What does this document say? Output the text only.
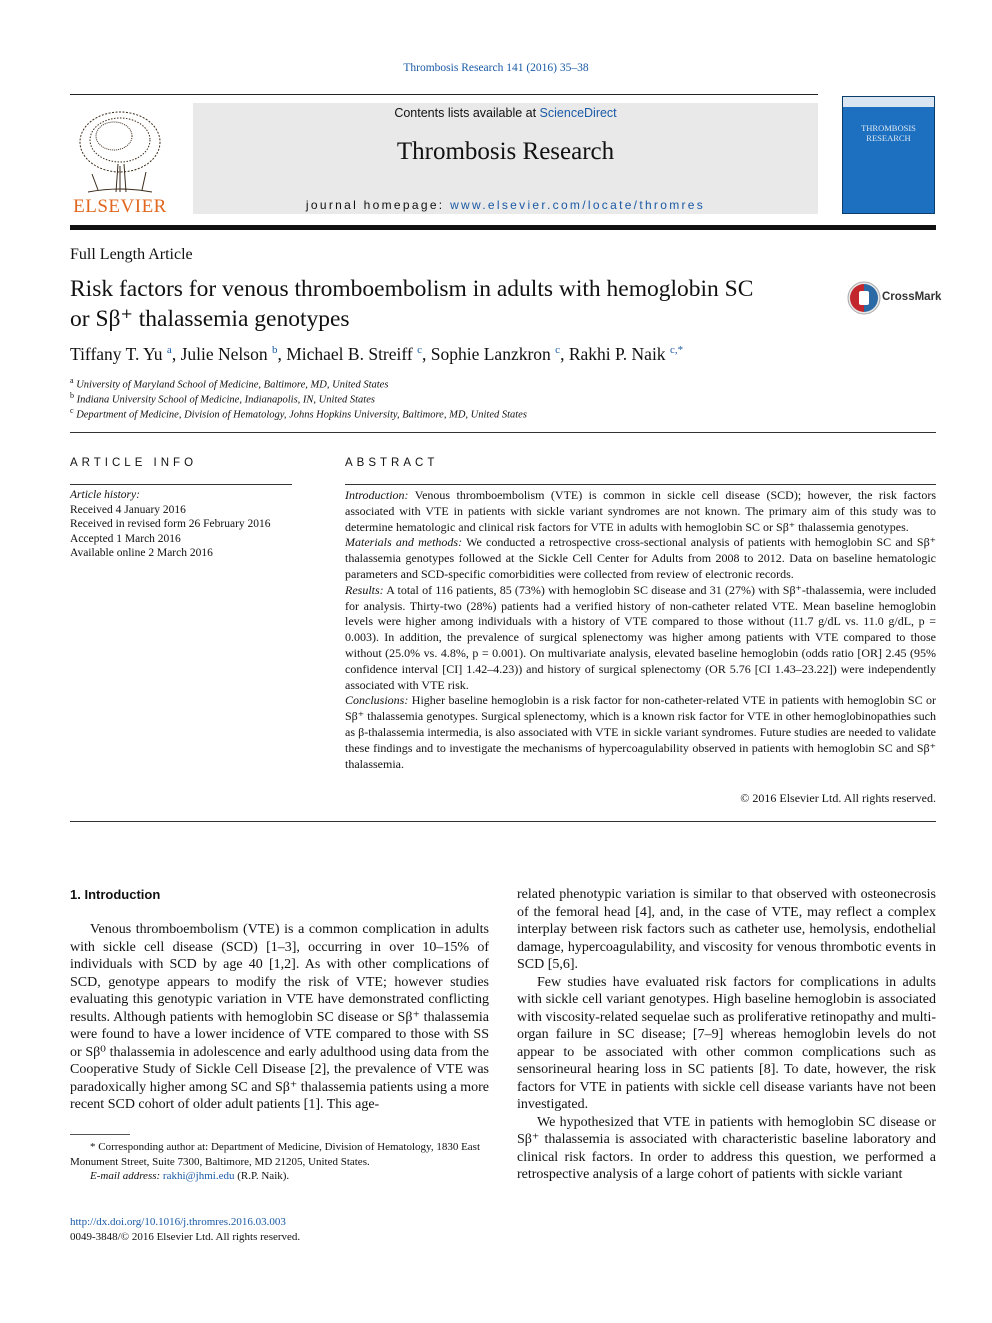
Thrombosis Research 141 (2016) 35–38
ELSEVIER
Contents lists available at ScienceDirect
Thrombosis Research
journal homepage: www.elsevier.com/locate/thromres
THROMBOSIS RESEARCH
Full Length Article
Risk factors for venous thromboembolism in adults with hemoglobin SC
or Sβ⁺ thalassemia genotypes
CrossMark
Tiffany T. Yu $^a$, Julie Nelson $^b$, Michael B. Streiff $^c$, Sophie Lanzkron $^c$, Rakhi P. Naik $^{c,*}$
$^a$ University of Maryland School of Medicine, Baltimore, MD, United States
$^b$ Indiana University School of Medicine, Indianapolis, IN, United States
$^c$ Department of Medicine, Division of Hematology, Johns Hopkins University, Baltimore, MD, United States
ARTICLE INFO
Article history:
Received 4 January 2016
Received in revised form 26 February 2016
Accepted 1 March 2016
Available online 2 March 2016
ABSTRACT

Introduction: Venous thromboembolism (VTE) is common in sickle cell disease (SCD); however, the risk factors associated with VTE in patients with sickle variant syndromes are not known. The primary aim of this study was to determine hematologic and clinical risk factors for VTE in adults with hemoglobin SC or Sβ⁺ thalassemia genotypes.

Materials and methods: We conducted a retrospective cross-sectional analysis of patients with hemoglobin SC and Sβ⁺ thalassemia genotypes followed at the Sickle Cell Center for Adults from 2008 to 2012. Data on baseline hematologic parameters and SCD-specific comorbidities were collected from review of electronic records.

Results: A total of 116 patients, 85 (73%) with hemoglobin SC disease and 31 (27%) with Sβ⁺-thalassemia, were included for analysis. Thirty-two (28%) patients had a verified history of non-catheter related VTE. Mean baseline hemoglobin levels were higher among individuals with a history of VTE compared to those without (11.7 g/dL vs. 11.0 g/dL, p = 0.003). In addition, the prevalence of surgical splenectomy was higher among patients with VTE compared to those without (25.0% vs. 4.8%, p = 0.001). On multivariate analysis, elevated baseline hemoglobin (odds ratio [OR] 2.45 (95% confidence interval [CI] 1.42–4.23)) and history of surgical splenectomy (OR 5.76 [CI 1.43–23.22]) were independently associated with VTE risk.

Conclusions: Higher baseline hemoglobin is a risk factor for non-catheter-related VTE in patients with hemoglobin SC or Sβ⁺ thalassemia genotypes. Surgical splenectomy, which is a known risk factor for VTE in other hemoglobinopathies such as β-thalassemia intermedia, is also associated with VTE in sickle variant syndromes. Future studies are needed to validate these findings and to investigate the mechanisms of hypercoagulability observed in patients with hemoglobin SC and Sβ⁺ thalassemia.

© 2016 Elsevier Ltd. All rights reserved.
1. Introduction

Venous thromboembolism (VTE) is a common complication in adults with sickle cell disease (SCD) [1–3], occurring in over 10–15% of individuals with SCD by age 40 [1,2]. As with other complications of SCD, genotype appears to modify the risk of VTE; however studies evaluating this genotypic variation in VTE have demonstrated conflicting results. Although patients with hemoglobin SC disease or Sβ⁺ thalassemia were found to have a lower incidence of VTE compared to those with SS or Sβ⁰ thalassemia in adolescence and early adulthood using data from the Cooperative Study of Sickle Cell Disease [2], the prevalence of VTE was paradoxically higher among SC and Sβ⁺ thalassemia patients using a more recent SCD cohort of older adult patients [1]. This age-

related phenotypic variation is similar to that observed with osteonecrosis of the femoral head [4], and, in the case of VTE, may reflect a complex interplay between risk factors such as catheter use, hemolysis, endothelial damage, hypercoagulability, and viscosity for venous thrombotic events in SCD [5,6].

Few studies have evaluated risk factors for complications in adults with sickle cell variant genotypes. High baseline hemoglobin is associated with viscosity-related sequelae such as proliferative retinopathy and multi-organ failure in SC disease; [7–9] whereas hemoglobin levels do not appear to be associated with other common complications such as sensorineural hearing loss in SC patients [8]. To date, however, the risk factors for VTE in patients with sickle cell disease variants have not been investigated.

We hypothesized that VTE in patients with hemoglobin SC disease or Sβ⁺ thalassemia is associated with characteristic baseline laboratory and clinical risk factors. In order to address this question, we performed a retrospective analysis of a large cohort of patients with sickle variant

* Corresponding author at: Department of Medicine, Division of Hematology, 1830 East Monument Street, Suite 7300, Baltimore, MD 21205, United States.

E-mail address: rakhi@jhmi.edu (R.P. Naik).

http://dx.doi.org/10.1016/j.thromres.2016.03.003
0049-3848/© 2016 Elsevier Ltd. All rights reserved.
